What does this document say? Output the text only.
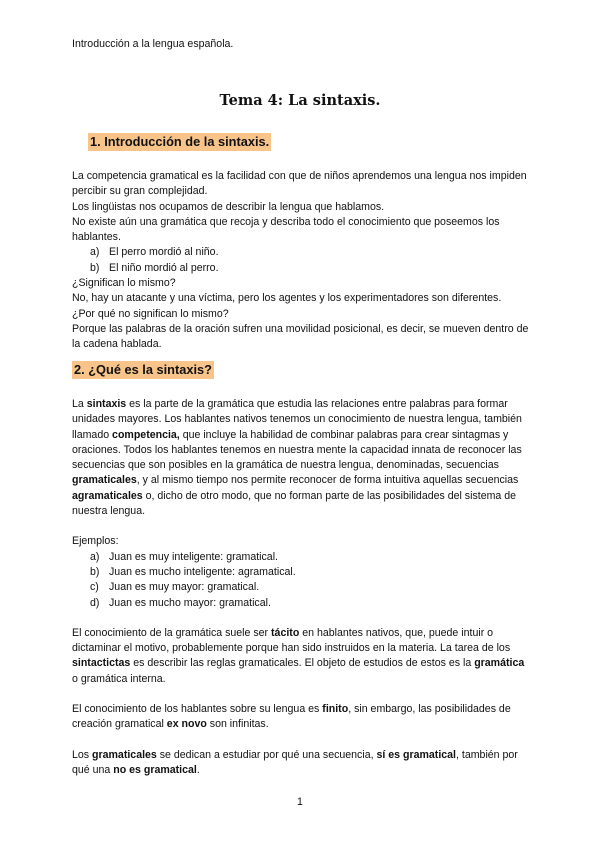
Introducción a la lengua española.
Tema 4: La sintaxis.
1. Introducción de la sintaxis.

La competencia gramatical es la facilidad con que de niños aprendemos una lengua nos impiden percibir su gran complejidad.

Los lingüistas nos ocupamos de describir la lengua que hablamos.

No existe aún una gramática que recoja y describa todo el conocimiento que poseemos los hablantes.

a) El perro mordió al niño.
b) El niño mordió al perro.

¿Significan lo mismo?

No, hay un atacante y una víctima, pero los agentes y los experimentadores son diferentes.

¿Por qué no significan lo mismo?

Porque las palabras de la oración sufren una movilidad posicional, es decir, se mueven dentro de la cadena hablada.

2. ¿Qué es la sintaxis?

La sintaxis es la parte de la gramática que estudia las relaciones entre palabras para formar unidades mayores. Los hablantes nativos tenemos un conocimiento de nuestra lengua, también llamado competencia, que incluye la habilidad de combinar palabras para crear sintagmas y oraciones. Todos los hablantes tenemos en nuestra mente la capacidad innata de reconocer las secuencias que son posibles en la gramática de nuestra lengua, denominadas, secuencias gramaticales, y al mismo tiempo nos permite reconocer de forma intuitiva aquellas secuencias agramaticales o, dicho de otro modo, que no forman parte de las posibilidades del sistema de nuestra lengua.

Ejemplos:

a) Juan es muy inteligente: gramatical.
b) Juan es mucho inteligente: agramatical.
c) Juan es muy mayor: gramatical.
d) Juan es mucho mayor: gramatical.

El conocimiento de la gramática suele ser tácito en hablantes nativos, que, puede intuir o dictaminar el motivo, probablemente porque han sido instruidos en la materia. La tarea de los sintactictas es describir las reglas gramaticales. El objeto de estudios de estos es la gramática o gramática interna.

El conocimiento de los hablantes sobre su lengua es finito, sin embargo, las posibilidades de creación gramatical ex novo son infinitas.

Los gramaticales se dedican a estudiar por qué una secuencia, sí es gramatical, también por qué una no es gramatical.

1
